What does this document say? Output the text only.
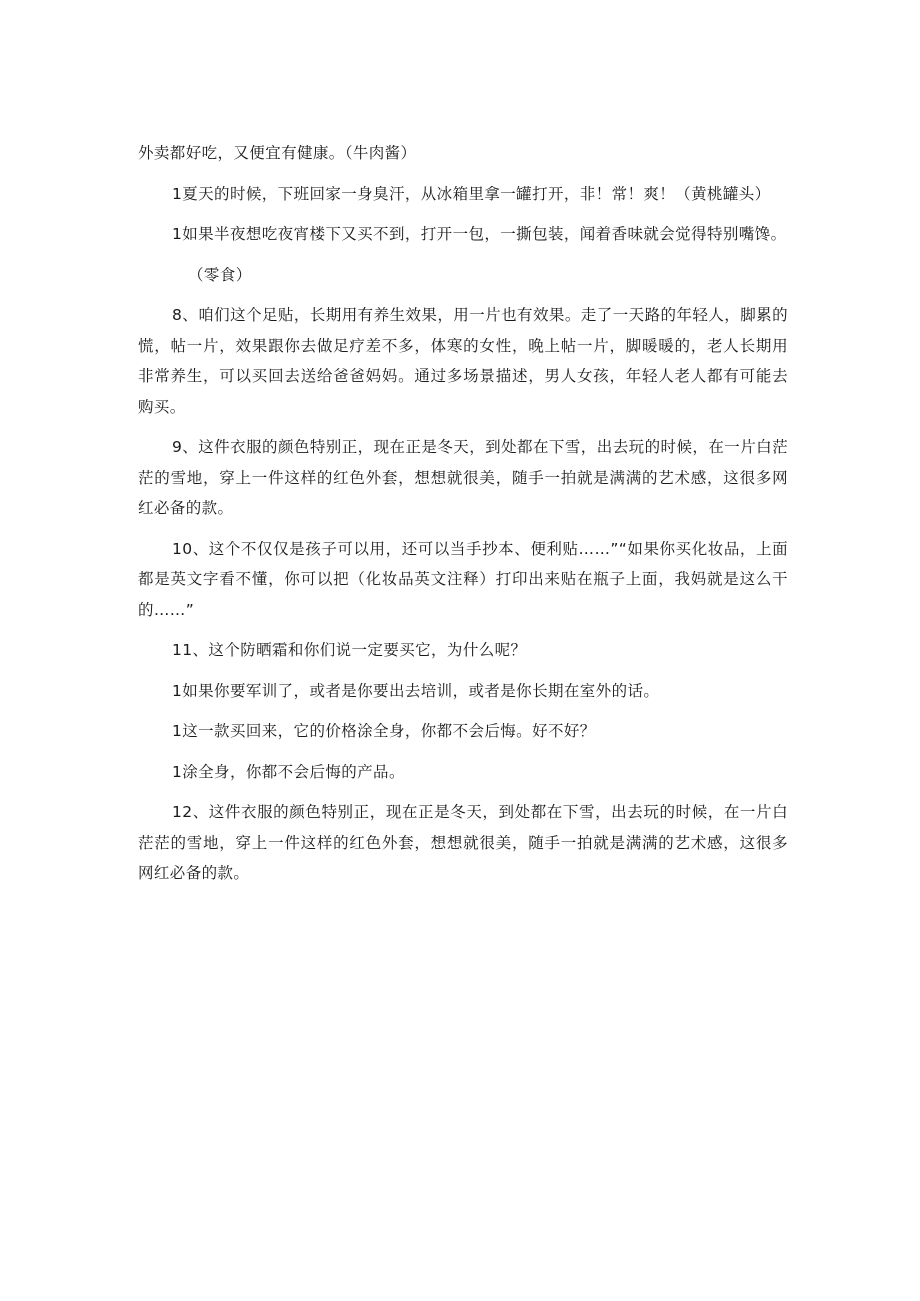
外卖都好吃，又便宜有健康。（牛肉酱）

1夏天的时候，下班回家一身臭汗，从冰箱里拿一罐打开，非！常！爽！（黄桃罐头）

1如果半夜想吃夜宵楼下又买不到，打开一包，一撕包装，闻着香味就会觉得特别嘴馋。

（零食）

8、咱们这个足贴，长期用有养生效果，用一片也有效果。走了一天路的年轻人，脚累的慌，帖一片，效果跟你去做足疗差不多，体寒的女性，晚上帖一片，脚暖暖的，老人长期用非常养生，可以买回去送给爸爸妈妈。通过多场景描述，男人女孩，年轻人老人都有可能去购买。

9、这件衣服的颜色特别正，现在正是冬天，到处都在下雪，出去玩的时候，在一片白茫茫的雪地，穿上一件这样的红色外套，想想就很美，随手一拍就是满满的艺术感，这很多网红必备的款。

10、这个不仅仅是孩子可以用，还可以当手抄本、便利贴……”“如果你买化妆品，上面都是英文字看不懂，你可以把（化妆品英文注释）打印出来贴在瓶子上面，我妈就是这么干的……”

11、这个防晒霜和你们说一定要买它，为什么呢？

1如果你要军训了，或者是你要出去培训，或者是你长期在室外的话。

1这一款买回来，它的价格涂全身，你都不会后悔。好不好？

1涂全身，你都不会后悔的产品。

12、这件衣服的颜色特别正，现在正是冬天，到处都在下雪，出去玩的时候，在一片白茫茫的雪地，穿上一件这样的红色外套，想想就很美，随手一拍就是满满的艺术感，这很多网红必备的款。
